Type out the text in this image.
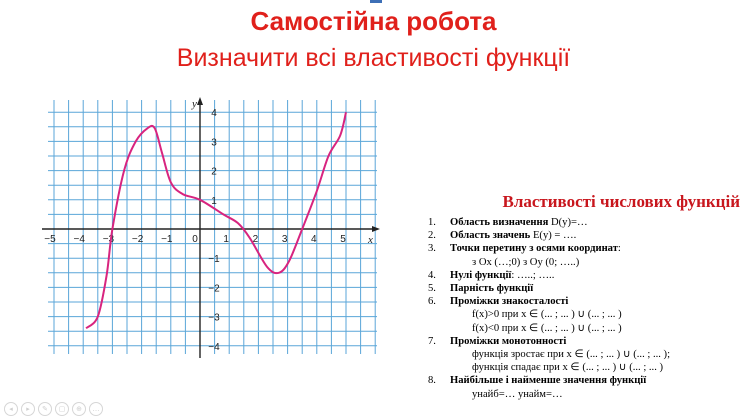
Самостійна робота
Визначити всі властивості функції
−5 −4 −3 −2 −1	1 2 3 4 5
4
3
2
1
−1
−2
−3
−4
0	x
y
Властивості числових функцій
1. Область визначення D(y)=…
2. Область значень E(y) = ….
3. Точки перетину з осями координат:
з Ох (…;0) з Оу (0; …..)
4. Нулі функції: …..; …..
5. Парність функції
6. Проміжки знакосталості
f(x)>0 при x ∈ (... ; ... ) ∪ (... ; ... )
f(x)<0 при x ∈ (... ; ... ) ∪ (... ; ... )
7. Проміжки монотонності
функція зростає при x ∈ (... ; ... ) ∪ (... ; ... );
функція спадає при x ∈ (... ; ... ) ∪ (... ; ... )
8. Найбільше і найменше значення функції
yнайб=… yнайм=…
◂	▸	✎	▢	⊕	…
